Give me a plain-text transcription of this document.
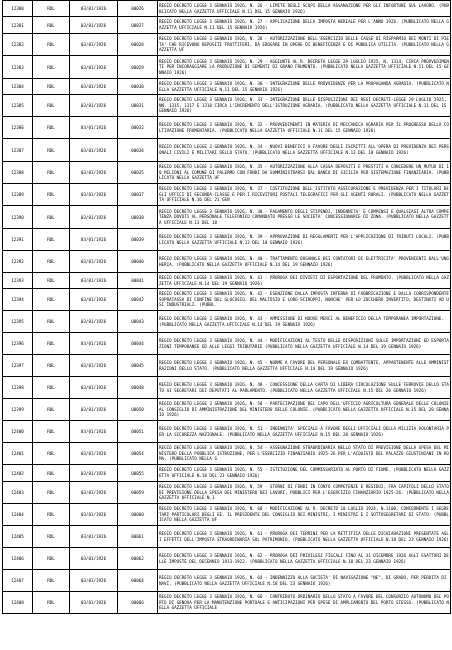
12380	RDL	03/01/1926	00026	REGIO DECRETO LEGGE 3 GENNAIO 1926, N. 26 - LIMITE DEGLI SCOPI DELLA ASSANAZIONE PER GLI INFORTUNI SUL LAVORO. (PUBBLICATO NELLA GAZZETTA UFFICIALE N.11 DEL 15 GENNAIO 1926)

12381	RDL	03/01/1926	00027	REGIO DECRETO LEGGE 3 GENNAIO 1926, N. 27 - APPLICAZIONE DELLA IMPOSTA NERIALE PER L'ANNO 1926. (PUBBLICATO NELLA GAZZETTA UFFICIALE N.11 DEL 15 GENNAIO 1926)

12382	RDL	03/01/1926	00028	REGIO DECRETO LEGGE 3 GENNAIO 1926, N. 28 - AUTORIZZAZIONE DELL'ESERCIZIO DELLE CASSE DI RISPARMIO DEI MONTI DI PIETA' CHE RICEVONO DEPOSITI FRUTTIFERI, DA EROGARE IN OPERE DI BENEFICENZA E DI PUBBLICA UTILITA. (PUBBLICATO NELLA GAZZETTA UF

12383	RDL	03/01/1926	00029	REGIO DECRETO LEGGE 3 GENNAIO 1926, N. 29 - AGGIUNTE AL R. DECRETO LEGGE 29 LUGLIO 1925, N. 1314, CIRCA PROVVEDIMENTI PER INCORAGGIARE LA PRODUZIONE DI SEMENTI DI GRANO FRUMENTO. (PUBBLICATO NELLA GAZZETTA UFFICIALE N.11 DEL 15 GENNAIO 1926)

12384	RDL	03/01/1926	00030	REGIO DECRETO LEGGE 3 GENNAIO 1926, N. 30 - INTEGRAZIONE DELLE PROVVIDENZE PER LA PROPAGANDA AGRARIA. (PUBBLICATO NELLA GAZZETTA UFFICIALE N.11 DEL 15 GENNAIO 1926)

12385	RDL	03/01/1926	00031	REGIO DECRETO LEGGE 3 GENNAIO 1926, N. 31 - INTEGRAZIONE DELLE DISPOSIZIONI DEI REGI DECRETI-LEGGE 29 LUGLIO 1925, NN. 1315, 1317 E 1318 CIRCA L'INCREMENTO DELL'ISTRUZIONE AGRARIA. (PUBBLICATO NELLA GAZZETTA UFFICIALE N.11 DEL 15 GENNAIO 1926)

12386	RDL	03/01/1926	00032	REGIO DECRETO LEGGE 3 GENNAIO 1926, N. 32 - PROVVEDIMENTI IN MATERIA DI MECCANICA AGRARIA PER IL PROGRESSO DELLA COLTIVAZIONE FRUMENTARIA. (PUBBLICATO NELLA GAZZETTA UFFICIALE N.11 DEL 15 GENNAIO 1926)

12387	RDL	03/01/1926	00034	REGIO DECRETO LEGGE 3 GENNAIO 1926, N. 34 - NUOVI BENEFICI A FAVORE DEGLI ISCRITTI ALL'OPERA DI PREVIDENZA DEI PERSONALI CIVILI E MILITARI DELLO STATO. (PUBBLICATO NELLA GAZZETTA UFFICIALE N.13 DEL 18 GENNAIO 1926)

12388	RDL	03/01/1926	00035	REGIO DECRETO LEGGE 3 GENNAIO 1926, N. 35 - AUTORIZZAZIONE ALLA CASSA DEPOSITI E PRESTITI A CONCEDERE UN MUTUO DI 10 MILIONI AL COMUNE DI PALERMO CON FONDI DA SOMMINISTRARSI DAL BANCO DI SICILIA PER SISTEMAZIONE FINANZIARIA. (PUBBLICATO NELLA GAZZETTA UF

12389	RDL	03/01/1926	00037	REGIO DECRETO LEGGE 3 GENNAIO 1926, N. 37 - COSTITUZIONE DELL'ISTITUTO ASSICURAZIONE E PREVIDENZA PER I TITOLARI DEGLI UFFICI DI SECONDA CLASSE E PER I RICEVITORI POSTALI TELEGRAFICI PER GLI AGENTI RURALI. (PUBBLICATO NELLA GAZZETTA UFFICIALE N.16 DEL 21 GEN

12390	RDL	03/01/1926	00038	REGIO DECRETO LEGGE 3 GENNAIO 1926, N. 38 - PAGAMENTO DEGLI STIPENDI, INDENNITA' E COMPENSI E QUALSIASI ALTRA COMPETENZA DOVUTI AL PERSONALE TELEFONICO COMANDATO PRESSO LE SOCIETA' CONCESSIONARIE DI ZONA. (PUBBLICATO NELLA GAZZETTA UFFICIALE N.13 DEL 18

12391	RDL	03/01/1926	00039	REGIO DECRETO LEGGE 3 GENNAIO 1926, N. 39 - APPROVAZIONE DI REGOLAMENTI PER L'APPLICAZIONE DI TRIBUTI LOCALI. (PUBBLICATO NELLA GAZZETTA UFFICIALE N.13 DEL 18 GENNAIO 1926)

12392	RDL	03/01/1926	00040	REGIO DECRETO LEGGE 3 GENNAIO 1926, N. 40 - TRATTAMENTO DOGANALE DEI CONTATORI DI ELETTRICITA' PROVENIENTI DALL'UNGHERIA. (PUBBLICATO NELLA GAZZETTA UFFICIALE N.14 DEL 19 GENNAIO 1926)

12393	RDL	03/01/1926	00041	REGIO DECRETO LEGGE 3 GENNAIO 1926, N. 41 - PROROGA DEI DIVIETI DI ESPORTAZIONE DEL FRUMENTO. (PUBBLICATO NELLA GAZZETTA UFFICIALE N.14 DEL 19 GENNAIO 1926)

12394	RDL	03/01/1926	00042	REGIO DECRETO LEGGE 3 GENNAIO 1926, N. 42 - ESENZIONE DALLA IMPOSTA INTERNA DI FABBRICAZIONE E DALLA CORRISPONDENTE SOPRATASSA DI CONFINE DEL GLUCOSIO, DEL MALTOSIO E LORO SCIROPPI, NONCHE' PER LO ZUCCHERO INVERTITO, DESTINATI AD USI INDUSTRIALI. (PUBBL

12395	RDL	03/01/1926	00043	REGIO DECRETO LEGGE 3 GENNAIO 1926, N. 43 - AMMISSIONE DI NUOVE MERCI AL BENEFICIO DELLA TEMPORANEA IMPORTAZIONE. (PUBBLICATO NELLA GAZZETTA UFFICIALE N.14 DEL 19 GENNAIO 1926)

12396	RDL	03/01/1926	00044	REGIO DECRETO LEGGE 3 GENNAIO 1926, N. 44 - MODIFICAZIONI AL TESTO DELLE DISPOSIZIONI SULLE IMPORTAZIONI ED ESPORTAZIONI TEMPORANEE ED ALLE LEGGI TRIBUTARIE (PUBBLICATO NELLA GAZZETTA UFFICIALE N.14 DEL 19 GENNAIO 1926)

12397	RDL	03/01/1926	00045	REGIO DECRETO LEGGE 3 GENNAIO 1926, N. 45 - NORME A FAVORE DEL PERSONALE EX COMBATTENTE, APPARTENENTE ALLE AMMINISTRAZIONI DELLO STATO. (PUBBLICATO NELLA GAZZETTA UFFICIALE N.14 DEL 19 GENNAIO 1926)

12398	RDL	03/01/1926	00048	REGIO DECRETO LEGGE 3 GENNAIO 1926, N. 48 - CONCESSIONE DELLA CARTA DI LIBERA CIRCOLAZIONE SULLE FERROVIE DELLO STATO AI SEGRETARI DEI DEPUTATI AL PARLAMENTO. (PUBBLICATO NELLA GAZZETTA UFFICIALE N.15 DEL 20 GENNAIO 1926)

12399	RDL	03/01/1926	00050	REGIO DECRETO LEGGE 3 GENNAIO 1926, N. 50 - PARTECIPAZIONE DEL CAPO DELL'UFFICIO AGRICOLTURA GENERALE DELLE COLONIE AL CONSIGLIO DI AMMINISTRAZIONE DEL MINISTERO DELLE COLONIE. (PUBBLICATO NELLA GAZZETTA UFFICIALE N.15 DEL 20 GENNAIO 1926)

12400	RDL	03/01/1926	00051	REGIO DECRETO LEGGE 3 GENNAIO 1926, N. 51 - INDENNITA' SPECIALE A FAVORE DEGLI UFFICIALI DELLA MILIZIA VOLONTARIA PER LA SICUREZZA NAZIONALE. (PUBBLICATO NELLA GAZZETTA UFFICIALE N.15 DEL 20 GENNAIO 1926)

12401	RDL	03/01/1926	00054	REGIO DECRETO LEGGE 3 GENNAIO 1926, N. 54 - ASSEGNAZIONE STRAORDINARIA NELLO STATO DI PREVISIONE DELLA SPESA DEL MINISTERO DELLA PUBBLICA ISTRUZIONE, PER L'ESERCIZIO FINANZIARIO 1925-26 PER L'ACQUISTO DEL PALAZZO GIUSTINIANI IN ROMA. (PUBBLICATO NELLA G

12402	RDL	03/01/1926	00055	REGIO DECRETO LEGGE 3 GENNAIO 1926, N. 55 - ISTITUZIONE DEL COMMISSARIATO AL PORTO DI FIUME. (PUBBLICATO NELLA GAZZETTA UFFICIALE N.18 DEL 23 GENNAIO 1926)

12403	RDL	03/01/1926	00059	REGIO DECRETO LEGGE 3 GENNAIO 1926, N. 59 - STORNI DI FONDI IN CONTO COMPETENZE E RESIDUI, FRA CAPITOLI DELLO STATO DI PREVISIONE DELLA SPESA DEL MINISTERO DEI LAVORI, PUBBLICI PER L'ESERCIZIO FINANZIARIO 1925-26. (PUBBLICATO NELLA GAZZETTA UFFICIALE N.1

12404	RDL	03/01/1926	00060	REGIO DECRETO LEGGE 3 GENNAIO 1926, N. 60 - MODIFICAZIONE AL R. DECRETO 10 LUGLIO 1924, N.1100, CONCERNENTE I SEGRETARI PARTICOLARI DEGLI EE. IL PRESIDENTE DEL CONSIGLIO DEI MINISTRI, I MINISTRI E I SOTTOSEGRETARI DI STATO. (PUBBLICATO NELLA GAZZETTA UF

12405	RDL	03/01/1926	00061	REGIO DECRETO LEGGE 3 GENNAIO 1926, N. 61 - PROROGA DEI TERMINI PER LA RETTIFICA DELLE DICHIARAZIONI PRESENTATE AGLI EFFETTI DELL'IMPOSTA STRAORDINARIA SUL PATRIMONIO. (PUBBLICATO NELLA GAZZETTA UFFICIALE N.18 DEL 23 GENNAIO 1926)

12406	RDL	03/01/1926	00062	REGIO DECRETO LEGGE 3 GENNAIO 1926, N. 62 - PROROGA DEI PRIVILEGI FISCALI FINO AL 31 DICEMBRE 1926 AGLI ESATTORI DELLE IMPOSTE DEL DECENNIO 1913-1922. (PUBBLICATO NELLA GAZZETTA UFFICIALE N.18 DEL 23 GENNAIO 1926)

12407	RDL	03/01/1926	00064	REGIO DECRETO LEGGE 3 GENNAIO 1926, N. 64 - INDENNIZZO ALLA SOCIETA' DI NAVIGAZIONE "NE", DI GRADO, PER PERDITA DI NAVI. (PUBBLICATO NELLA GAZZETTA UFFICIALE N.18 DEL 23 GENNAIO 1926)

12408	RDL	03/01/1926	00066	REGIO DECRETO LEGGE 3 GENNAIO 1926, N. 66 - CONTRIBUTO ORDINARIO DELLO STATO A FAVORE DEL CONSORZIO AUTONOMO DEL PORTO DI GENOVA PER LA MANUTENZIONE PORTUALE E ANTICIPAZIONI PER SPESE DI AMPLIAMENTO DEL PORTO STESSO. (PUBBLICATO NELLA GAZZETTA UFFICIALE
